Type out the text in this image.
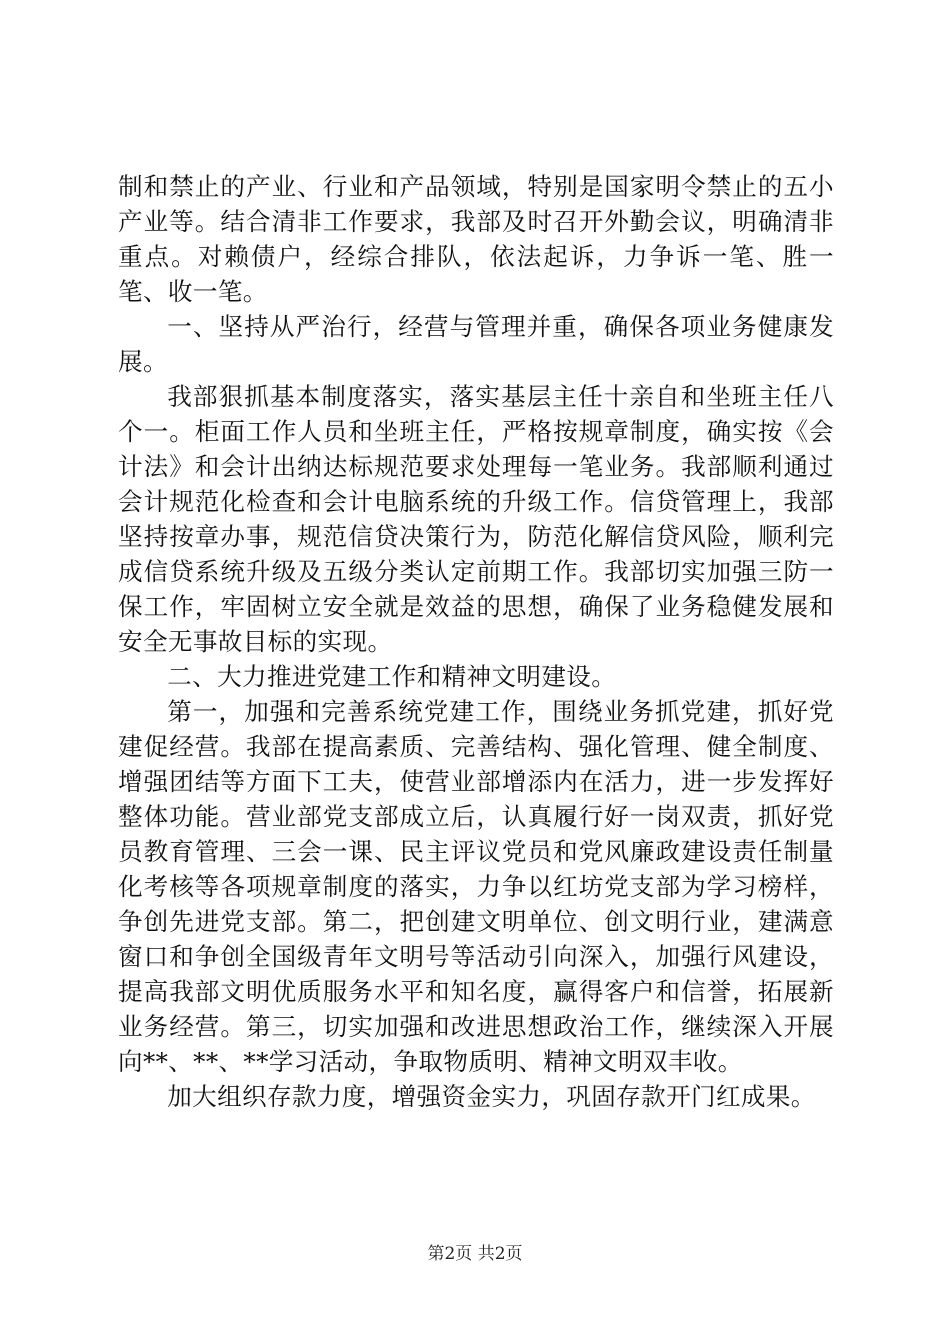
制和禁止的产业、行业和产品领域，特别是国家明令禁止的五小产业等。结合清非工作要求，我部及时召开外勤会议，明确清非重点。对赖债户，经综合排队，依法起诉，力争诉一笔、胜一笔、收一笔。

一、坚持从严治行，经营与管理并重，确保各项业务健康发展。

我部狠抓基本制度落实，落实基层主任十亲自和坐班主任八个一。柜面工作人员和坐班主任，严格按规章制度，确实按《会计法》和会计出纳达标规范要求处理每一笔业务。我部顺利通过会计规范化检查和会计电脑系统的升级工作。信贷管理上，我部坚持按章办事，规范信贷决策行为，防范化解信贷风险，顺利完成信贷系统升级及五级分类认定前期工作。我部切实加强三防一保工作，牢固树立安全就是效益的思想，确保了业务稳健发展和安全无事故目标的实现。

二、大力推进党建工作和精神文明建设。

第一，加强和完善系统党建工作，围绕业务抓党建，抓好党建促经营。我部在提高素质、完善结构、强化管理、健全制度、增强团结等方面下工夫，使营业部增添内在活力，进一步发挥好整体功能。营业部党支部成立后，认真履行好一岗双责，抓好党员教育管理、三会一课、民主评议党员和党风廉政建设责任制量化考核等各项规章制度的落实，力争以红坊党支部为学习榜样，争创先进党支部。第二，把创建文明单位、创文明行业，建满意窗口和争创全国级青年文明号等活动引向深入，加强行风建设，提高我部文明优质服务水平和知名度，赢得客户和信誉，拓展新业务经营。第三，切实加强和改进思想政治工作，继续深入开展向**、**、**学习活动，争取物质明、精神文明双丰收。

加大组织存款力度，增强资金实力，巩固存款开门红成果。

第2页 共2页
